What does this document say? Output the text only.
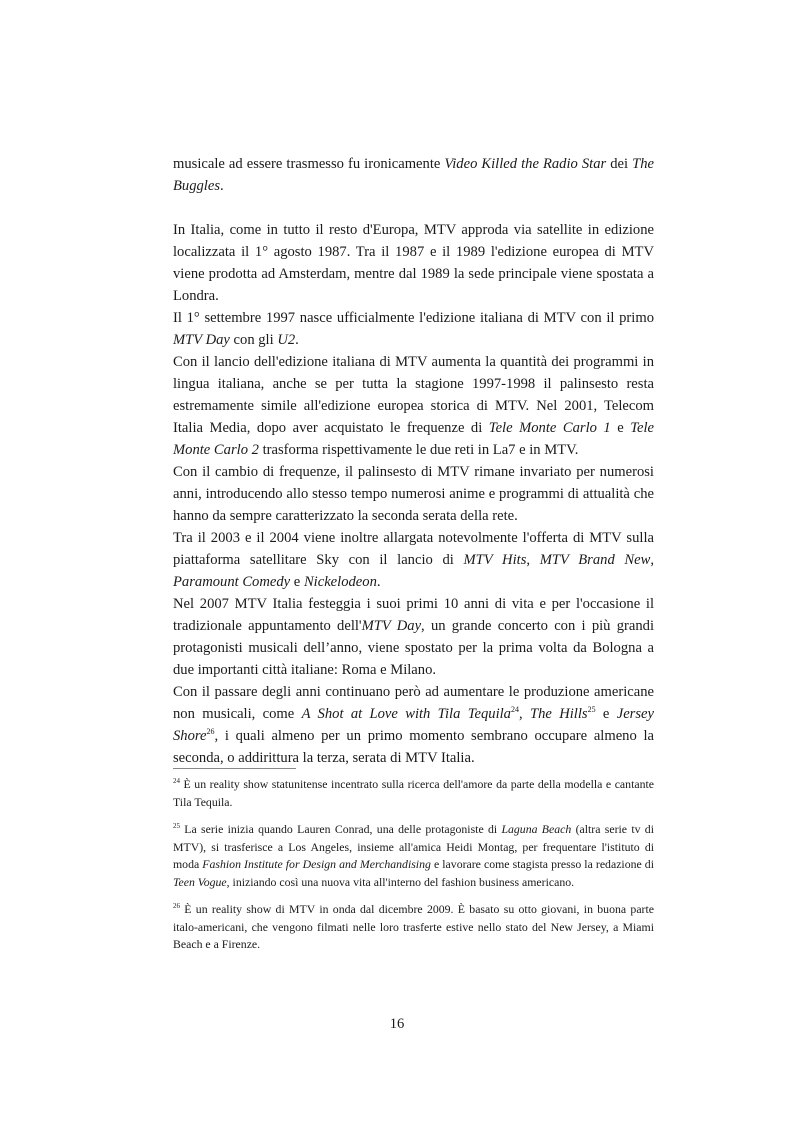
musicale ad essere trasmesso fu ironicamente Video Killed the Radio Star dei The Buggles.

In Italia, come in tutto il resto d'Europa, MTV approda via satellite in edizione localizzata il 1° agosto 1987. Tra il 1987 e il 1989 l'edizione europea di MTV viene prodotta ad Amsterdam, mentre dal 1989 la sede principale viene spostata a Londra.

Il 1° settembre 1997 nasce ufficialmente l'edizione italiana di MTV con il primo MTV Day con gli U2.

Con il lancio dell'edizione italiana di MTV aumenta la quantità dei programmi in lingua italiana, anche se per tutta la stagione 1997-1998 il palinsesto resta estremamente simile all'edizione europea storica di MTV. Nel 2001, Telecom Italia Media, dopo aver acquistato le frequenze di Tele Monte Carlo 1 e Tele Monte Carlo 2 trasforma rispettivamente le due reti in La7 e in MTV.

Con il cambio di frequenze, il palinsesto di MTV rimane invariato per numerosi anni, introducendo allo stesso tempo numerosi anime e programmi di attualità che hanno da sempre caratterizzato la seconda serata della rete.

Tra il 2003 e il 2004 viene inoltre allargata notevolmente l'offerta di MTV sulla piattaforma satellitare Sky con il lancio di MTV Hits, MTV Brand New, Paramount Comedy e Nickelodeon.

Nel 2007 MTV Italia festeggia i suoi primi 10 anni di vita e per l'occasione il tradizionale appuntamento dell'MTV Day, un grande concerto con i più grandi protagonisti musicali dell’anno, viene spostato per la prima volta da Bologna a due importanti città italiane: Roma e Milano.

Con il passare degli anni continuano però ad aumentare le produzione americane non musicali, come A Shot at Love with Tila Tequila$^{24}$, The Hills$^{25}$ e Jersey Shore$^{26}$, i quali almeno per un primo momento sembrano occupare almeno la seconda, o addirittura la terza, serata di MTV Italia.

$^{24}$ È un reality show statunitense incentrato sulla ricerca dell'amore da parte della modella e cantante Tila Tequila.

$^{25}$ La serie inizia quando Lauren Conrad, una delle protagoniste di Laguna Beach (altra serie tv di MTV), si trasferisce a Los Angeles, insieme all'amica Heidi Montag, per frequentare l'istituto di moda Fashion Institute for Design and Merchandising e lavorare come stagista presso la redazione di Teen Vogue, iniziando così una nuova vita all'interno del fashion business americano.

$^{26}$ È un reality show di MTV in onda dal dicembre 2009. È basato su otto giovani, in buona parte italo-americani, che vengono filmati nelle loro trasferte estive nello stato del New Jersey, a Miami Beach e a Firenze.

16
